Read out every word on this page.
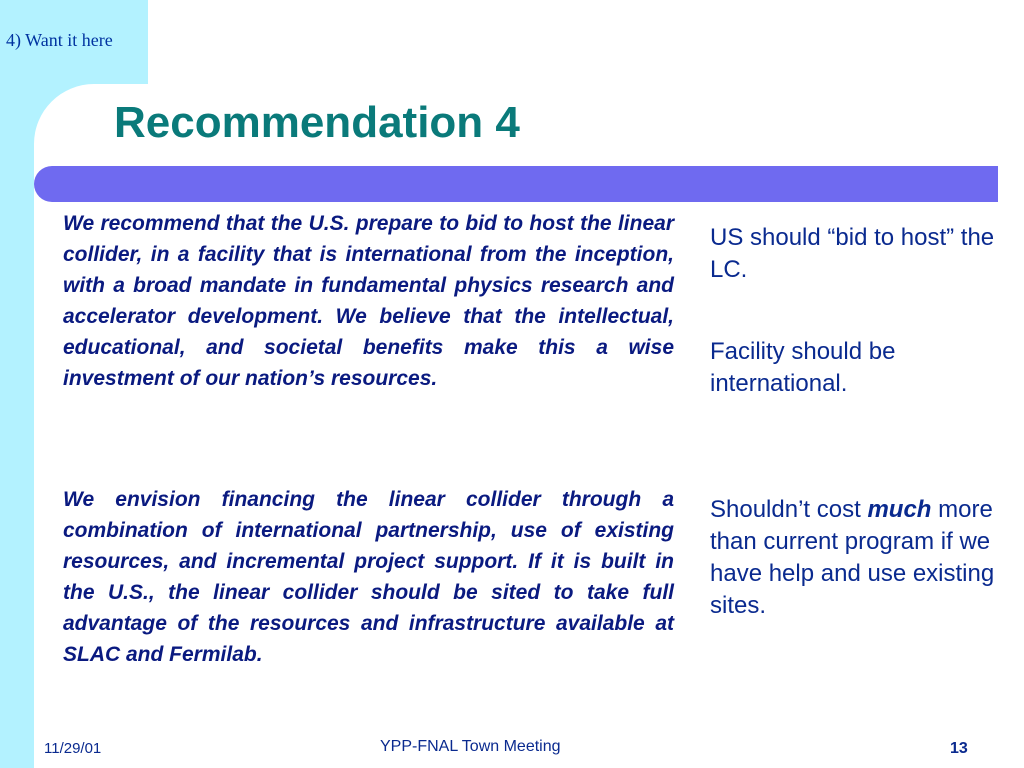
4) Want it here
Recommendation 4

We recommend that the U.S. prepare to bid to host the linear collider, in a facility that is international from the inception, with a broad mandate in fundamental physics research and accelerator development. We believe that the intellectual, educational, and societal benefits make this a wise investment of our nation’s resources.

We envision financing the linear collider through a combination of international partnership, use of existing resources, and incremental project support. If it is built in the U.S., the linear collider should be sited to take full advantage of the resources and infrastructure available at SLAC and Fermilab.

US should “bid to host” the LC.
Facility should be international.
Shouldn’t cost much more than current program if we have help and use existing sites.
11/29/01	YPP-FNAL Town Meeting	13
